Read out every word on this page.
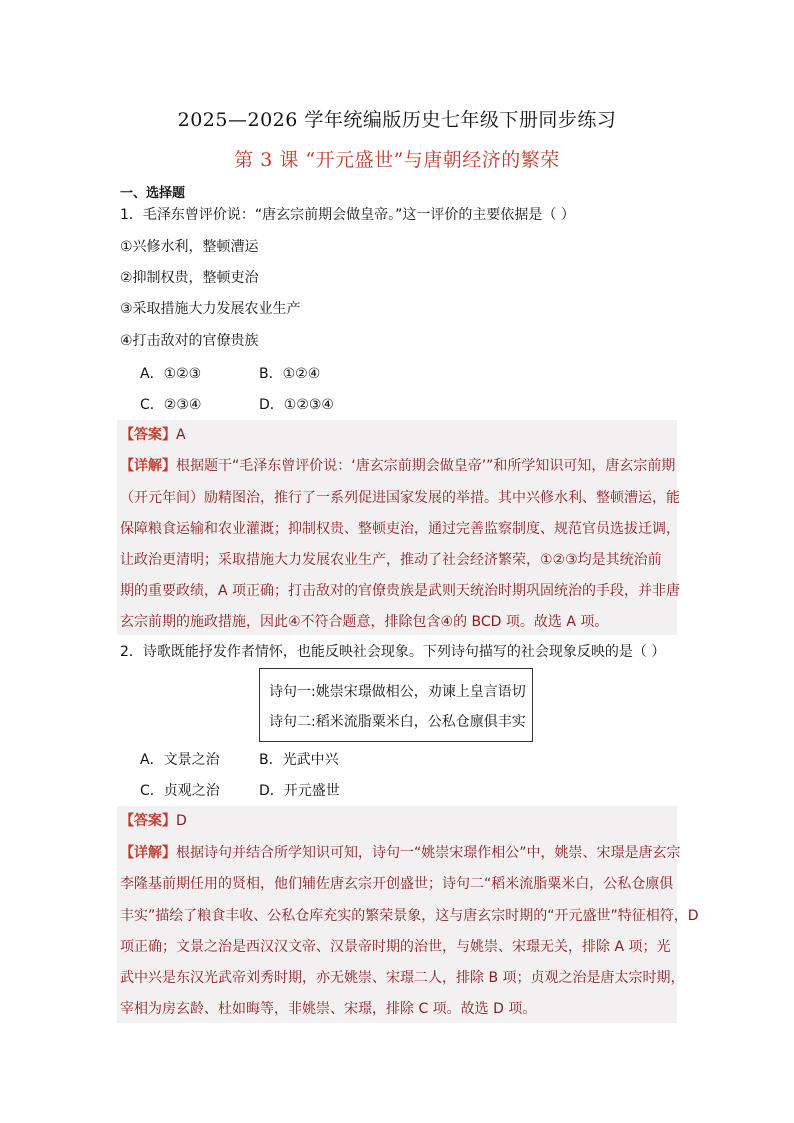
2025—2026 学年统编版历史七年级下册同步练习
第 3 课 “开元盛世”与唐朝经济的繁荣
一、选择题
1．毛泽东曾评价说：“唐玄宗前期会做皇帝。”这一评价的主要依据是（ ）
①兴修水利，整顿漕运
②抑制权贵，整顿吏治
③采取措施大力发展农业生产
④打击敌对的官僚贵族
A．①②③	B．①②④
C．②③④	D．①②③④
【答案】A
【详解】根据题干“毛泽东曾评价说：‘唐玄宗前期会做皇帝’”和所学知识可知，唐玄宗前期
（开元年间）励精图治，推行了一系列促进国家发展的举措。其中兴修水利、整顿漕运，能
保障粮食运输和农业灌溉；抑制权贵、整顿吏治，通过完善监察制度、规范官员选拔迁调，
让政治更清明；采取措施大力发展农业生产，推动了社会经济繁荣，①②③均是其统治前
期的重要政绩，A 项正确；打击敌对的官僚贵族是武则天统治时期巩固统治的手段，并非唐
玄宗前期的施政措施，因此④不符合题意，排除包含④的 BCD 项。故选 A 项。
2．诗歌既能抒发作者情怀，也能反映社会现象。下列诗句描写的社会现象反映的是（ ）
诗句一:姚崇宋璟做相公，劝谏上皇言语切
诗句二:稻米流脂粟米白，公私仓廪俱丰实
A．文景之治	B．光武中兴
C．贞观之治	D．开元盛世
【答案】D
【详解】根据诗句并结合所学知识可知，诗句一“姚崇宋璟作相公”中，姚崇、宋璟是唐玄宗
李隆基前期任用的贤相，他们辅佐唐玄宗开创盛世；诗句二“稻米流脂粟米白，公私仓廪俱
丰实”描绘了粮食丰收、公私仓库充实的繁荣景象，这与唐玄宗时期的“开元盛世”特征相符，D
项正确；文景之治是西汉汉文帝、汉景帝时期的治世，与姚崇、宋璟无关，排除 A 项；光
武中兴是东汉光武帝刘秀时期，亦无姚崇、宋璟二人，排除 B 项；贞观之治是唐太宗时期，
宰相为房玄龄、杜如晦等，非姚崇、宋璟，排除 C 项。故选 D 项。
